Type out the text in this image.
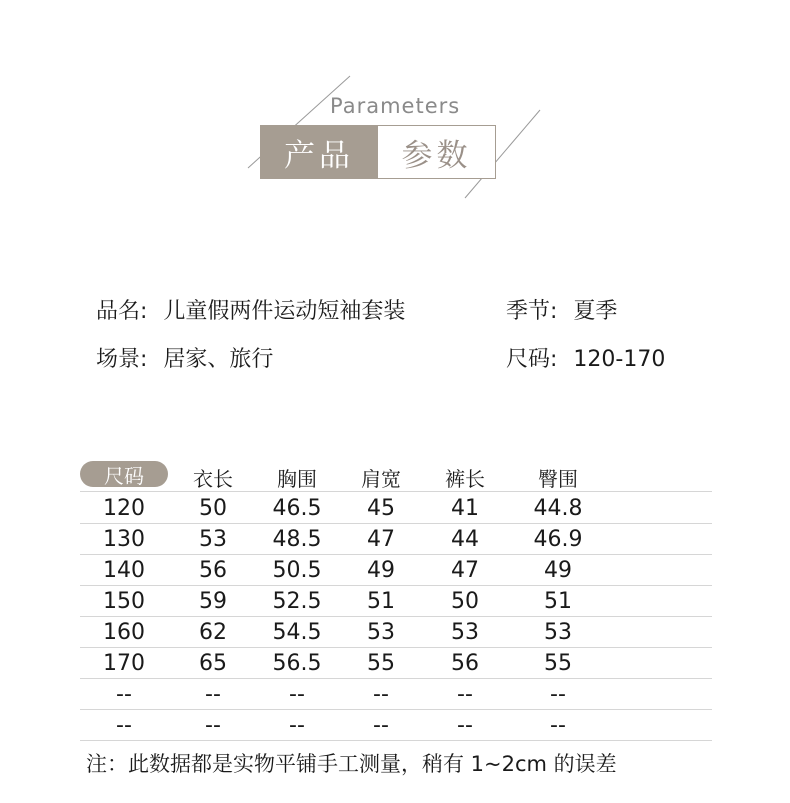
Parameters
产品	参数
品名: 儿童假两件运动短袖套装	季节: 夏季
场景: 居家、旅行	尺码: 120-170
尺码	衣长	胸围	肩宽	裤长	臀围
120	50	46.5	45	41	44.8
130	53	48.5	47	44	46.9
140	56	50.5	49	47	49
150	59	52.5	51	50	51
160	62	54.5	53	53	53
170	65	56.5	55	56	55
--	--	--	--	--	--
--	--	--	--	--	--
注：此数据都是实物平铺手工测量，稍有 1~2cm 的误差
